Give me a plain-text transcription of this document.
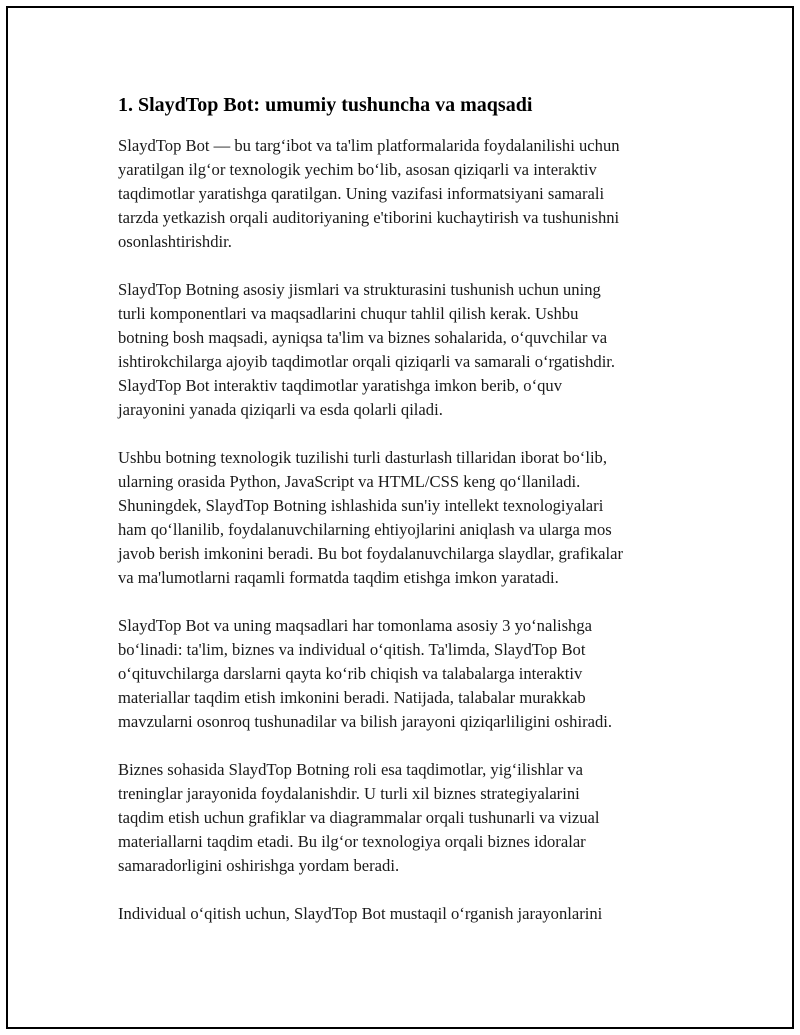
1. SlaydTop Bot: umumiy tushuncha va maqsadi
SlaydTop Bot — bu targ‘ibot va ta'lim platformalarida foydalanilishi uchun
yaratilgan ilg‘or texnologik yechim bo‘lib, asosan qiziqarli va interaktiv
taqdimotlar yaratishga qaratilgan. Uning vazifasi informatsiyani samarali
tarzda yetkazish orqali auditoriyaning e'tiborini kuchaytirish va tushunishni
osonlashtirishdir.
SlaydTop Botning asosiy jismlari va strukturasini tushunish uchun uning
turli komponentlari va maqsadlarini chuqur tahlil qilish kerak. Ushbu
botning bosh maqsadi, ayniqsa ta'lim va biznes sohalarida, o‘quvchilar va
ishtirokchilarga ajoyib taqdimotlar orqali qiziqarli va samarali o‘rgatishdir.
SlaydTop Bot interaktiv taqdimotlar yaratishga imkon berib, o‘quv
jarayonini yanada qiziqarli va esda qolarli qiladi.
Ushbu botning texnologik tuzilishi turli dasturlash tillaridan iborat bo‘lib,
ularning orasida Python, JavaScript va HTML/CSS keng qo‘llaniladi.
Shuningdek, SlaydTop Botning ishlashida sun'iy intellekt texnologiyalari
ham qo‘llanilib, foydalanuvchilarning ehtiyojlarini aniqlash va ularga mos
javob berish imkonini beradi. Bu bot foydalanuvchilarga slaydlar, grafikalar
va ma'lumotlarni raqamli formatda taqdim etishga imkon yaratadi.
SlaydTop Bot va uning maqsadlari har tomonlama asosiy 3 yo‘nalishga
bo‘linadi: ta'lim, biznes va individual o‘qitish. Ta'limda, SlaydTop Bot
o‘qituvchilarga darslarni qayta ko‘rib chiqish va talabalarga interaktiv
materiallar taqdim etish imkonini beradi. Natijada, talabalar murakkab
mavzularni osonroq tushunadilar va bilish jarayoni qiziqarliligini oshiradi.
Biznes sohasida SlaydTop Botning roli esa taqdimotlar, yig‘ilishlar va
treninglar jarayonida foydalanishdir. U turli xil biznes strategiyalarini
taqdim etish uchun grafiklar va diagrammalar orqali tushunarli va vizual
materiallarni taqdim etadi. Bu ilg‘or texnologiya orqali biznes idoralar
samaradorligini oshirishga yordam beradi.
Individual o‘qitish uchun, SlaydTop Bot mustaqil o‘rganish jarayonlarini
